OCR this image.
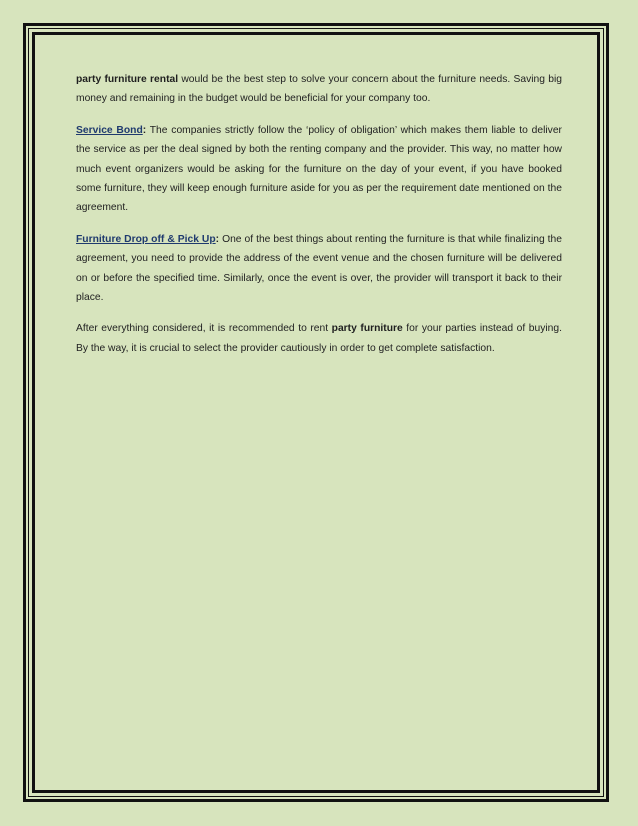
party furniture rental would be the best step to solve your concern about the furniture needs. Saving big money and remaining in the budget would be beneficial for your company too.

Service Bond: The companies strictly follow the ‘policy of obligation’ which makes them liable to deliver the service as per the deal signed by both the renting company and the provider. This way, no matter how much event organizers would be asking for the furniture on the day of your event, if you have booked some furniture, they will keep enough furniture aside for you as per the requirement date mentioned on the agreement.

Furniture Drop off & Pick Up: One of the best things about renting the furniture is that while finalizing the agreement, you need to provide the address of the event venue and the chosen furniture will be delivered on or before the specified time. Similarly, once the event is over, the provider will transport it back to their place.

After everything considered, it is recommended to rent party furniture for your parties instead of buying. By the way, it is crucial to select the provider cautiously in order to get complete satisfaction.
